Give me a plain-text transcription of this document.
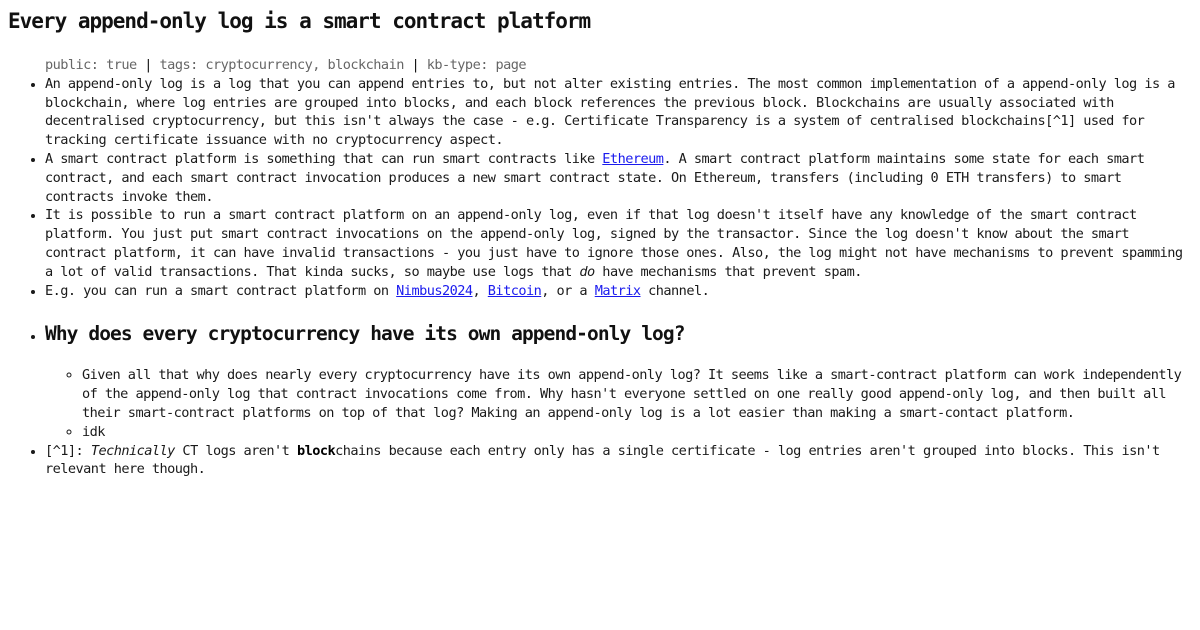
Every append-only log is a smart contract platform
public: true | tags: cryptocurrency, blockchain | kb-type: page
• An append-only log is a log that you can append entries to, but not alter existing entries. The most common implementation of a append-only log is a blockchain, where log entries are grouped into blocks, and each block references the previous block. Blockchains are usually associated with decentralised cryptocurrency, but this isn't always the case - e.g. Certificate Transparency is a system of centralised blockchains[^1] used for tracking certificate issuance with no cryptocurrency aspect.
• A smart contract platform is something that can run smart contracts like Ethereum. A smart contract platform maintains some state for each smart contract, and each smart contract invocation produces a new smart contract state. On Ethereum, transfers (including 0 ETH transfers) to smart contracts invoke them.
• It is possible to run a smart contract platform on an append-only log, even if that log doesn't itself have any knowledge of the smart contract platform. You just put smart contract invocations on the append-only log, signed by the transactor. Since the log doesn't know about the smart contract platform, it can have invalid transactions - you just have to ignore those ones. Also, the log might not have mechanisms to prevent spamming a lot of valid transactions. That kinda sucks, so maybe use logs that do have mechanisms that prevent spam.
• E.g. you can run a smart contract platform on Nimbus2024, Bitcoin, or a Matrix channel.
• Why does every cryptocurrency have its own append-only log?
◦ Given all that why does nearly every cryptocurrency have its own append-only log? It seems like a smart-contract platform can work independently of the append-only log that contract invocations come from. Why hasn't everyone settled on one really good append-only log, and then built all their smart-contract platforms on top of that log? Making an append-only log is a lot easier than making a smart-contact platform.
◦ idk
• [^1]: Technically CT logs aren't blockchains because each entry only has a single certificate - log entries aren't grouped into blocks. This isn't relevant here though.
